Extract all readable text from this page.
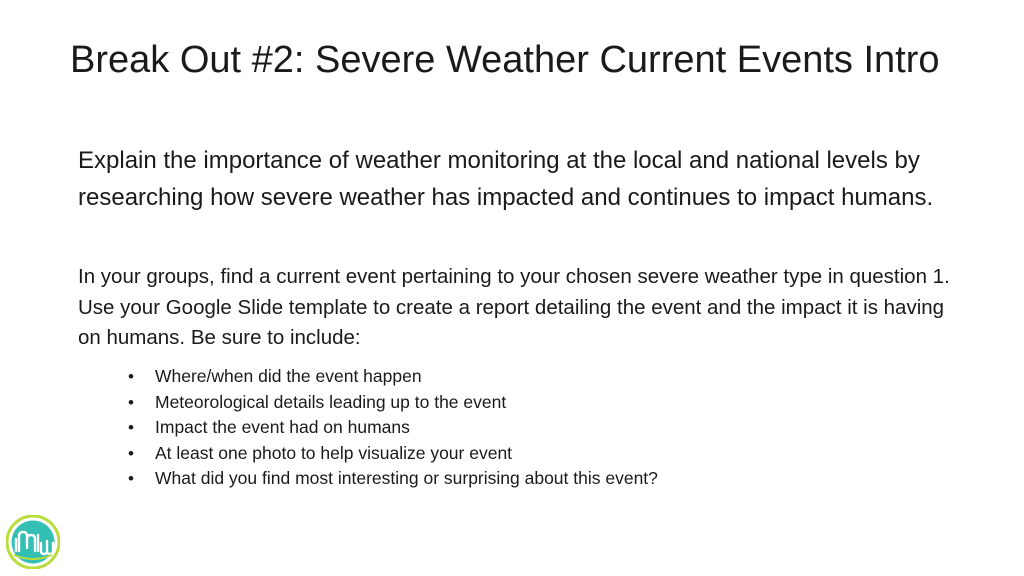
Break Out #2: Severe Weather Current Events Intro

Explain the importance of weather monitoring at the local and national levels by researching how severe weather has impacted and continues to impact humans.

In your groups, find a current event pertaining to your chosen severe weather type in question 1. Use your Google Slide template to create a report detailing the event and the impact it is having on humans. Be sure to include:

• Where/when did the event happen
• Meteorological details leading up to the event
• Impact the event had on humans
• At least one photo to help visualize your event
• What did you find most interesting or surprising about this event?
